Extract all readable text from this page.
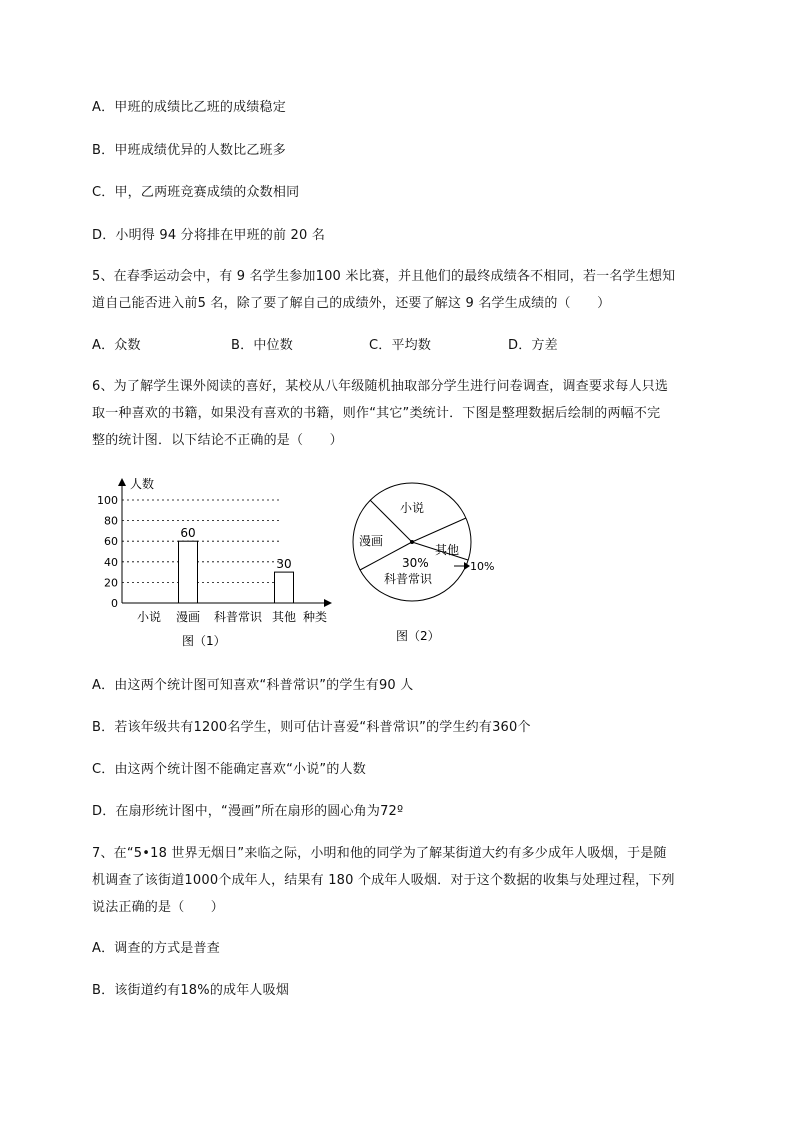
A．甲班的成绩比乙班的成绩稳定
B．甲班成绩优异的人数比乙班多
C．甲，乙两班竞赛成绩的众数相同
D．小明得 94 分将排在甲班的前 20 名
5、在春季运动会中，有 9 名学生参加100 米比赛，并且他们的最终成绩各不相同，若一名学生想知
道自己能否进入前5 名，除了要了解自己的成绩外，还要了解这 9 名学生成绩的（　　）
A．众数	B．中位数	C．平均数	D．方差
6、为了解学生课外阅读的喜好，某校从八年级随机抽取部分学生进行问卷调查，调查要求每人只选
取一种喜欢的书籍，如果没有喜欢的书籍，则作“其它”类统计．下图是整理数据后绘制的两幅不完
整的统计图．以下结论不正确的是（　　）
人数
种类
图（1）
0
20
40
60
80
100
小说 漫画
60
科普常识 其他
30
小说
漫画
30%
科普常识
其他
10%
图（2）
A．由这两个统计图可知喜欢“科普常识”的学生有90 人
B．若该年级共有1200名学生，则可估计喜爱“科普常识”的学生约有360个
C．由这两个统计图不能确定喜欢“小说”的人数
D．在扇形统计图中，“漫画”所在扇形的圆心角为72º
7、在“5•18 世界无烟日”来临之际，小明和他的同学为了解某街道大约有多少成年人吸烟，于是随
机调查了该街道1000个成年人，结果有 180 个成年人吸烟．对于这个数据的收集与处理过程，下列
说法正确的是（　　）
A．调查的方式是普查
B．该街道约有18%的成年人吸烟
